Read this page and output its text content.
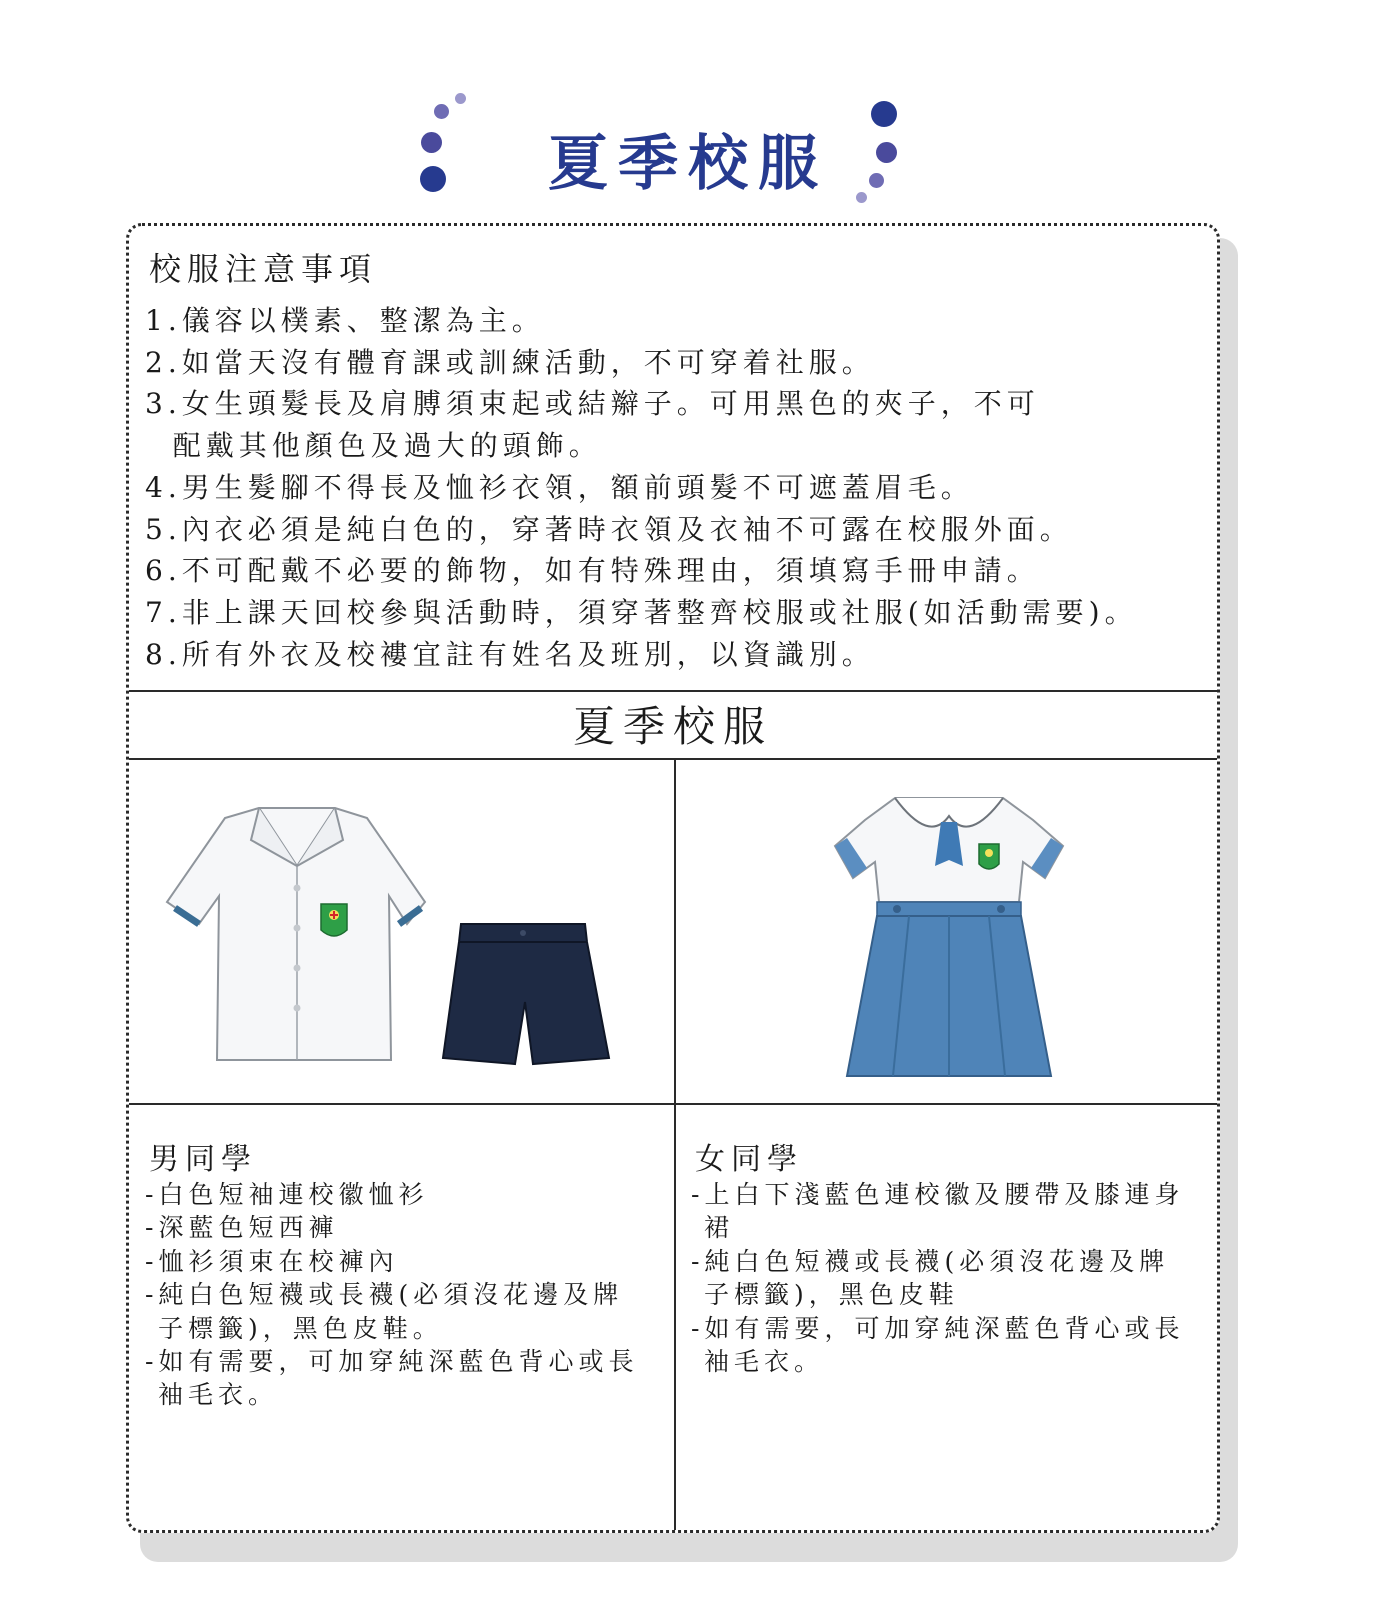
夏季校服
校服注意事項
1.儀容以樸素、整潔為主。
2.如當天沒有體育課或訓練活動，不可穿着社服。
3.女生頭髮長及肩膊須束起或結辮子。可用黑色的夾子，不可
配戴其他顏色及過大的頭飾。
4.男生髮腳不得長及恤衫衣領，額前頭髮不可遮蓋眉毛。
5.內衣必須是純白色的，穿著時衣領及衣袖不可露在校服外面。
6.不可配戴不必要的飾物，如有特殊理由，須填寫手冊申請。
7.非上課天回校參與活動時，須穿著整齊校服或社服(如活動需要)。
8.所有外衣及校褸宜註有姓名及班別，以資識別。
夏季校服
男同學
-白色短袖連校徽恤衫
-深藍色短西褲
-恤衫須束在校褲內
-純白色短襪或長襪(必須沒花邊及牌
子標籤)，黑色皮鞋。
-如有需要，可加穿純深藍色背心或長
袖毛衣。
女同學
-上白下淺藍色連校徽及腰帶及膝連身
裙
-純白色短襪或長襪(必須沒花邊及牌
子標籤)，黑色皮鞋
-如有需要，可加穿純深藍色背心或長
袖毛衣。
